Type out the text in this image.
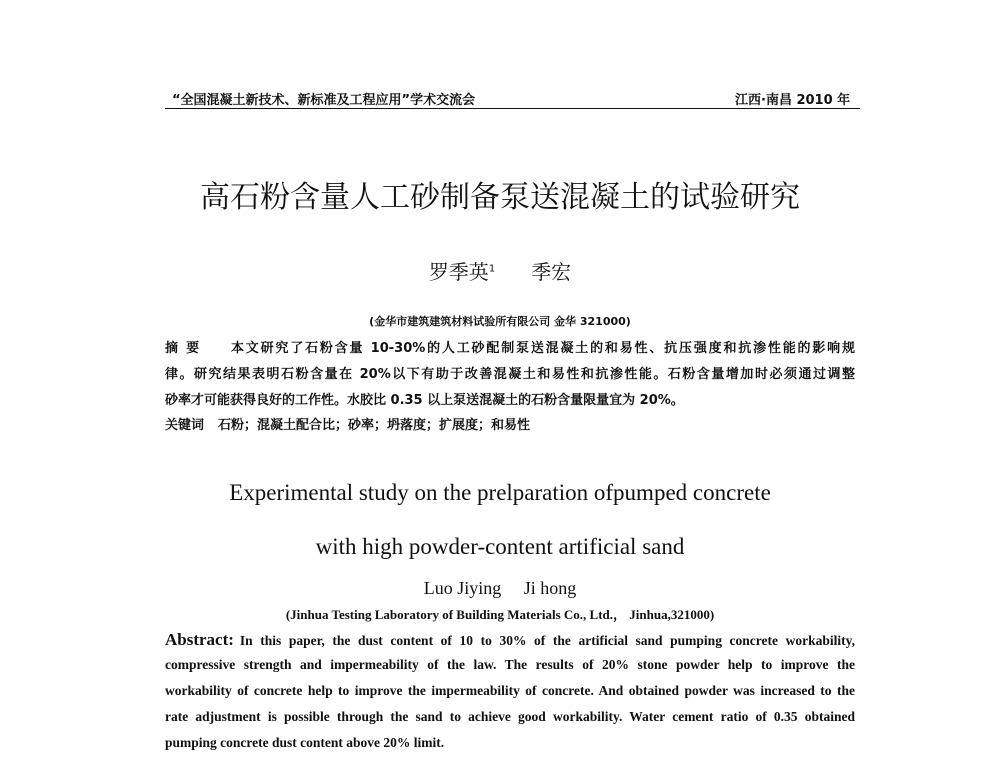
“全国混凝土新技术、新标准及工程应用”学术交流会	江西·南昌 2010 年
高石粉含量人工砂制备泵送混凝土的试验研究
罗季英$^1$ 季宏
(金华市建筑建筑材料试验所有限公司 金华 321000)
摘 要 本文研究了石粉含量 10-30%的人工砂配制泵送混凝土的和易性、抗压强度和抗渗性能的影响规
律。研究结果表明石粉含量在 20%以下有助于改善混凝土和易性和抗渗性能。石粉含量增加时必须通过调整
砂率才可能获得良好的工作性。水胶比 0.35 以上泵送混凝土的石粉含量限量宜为 20%。
关键词 石粉；混凝土配合比；砂率；坍落度；扩展度；和易性
Experimental study on the prelparation ofpumped concrete
with high powder-content artificial sand
Luo Jiying     Ji hong
(Jinhua Testing Laboratory of Building Materials Co., Ltd.， Jinhua,321000)
Abstract: In this paper, the dust content of 10 to 30% of the artificial sand pumping concrete workability,
compressive strength and impermeability of the law. The results of 20% stone powder help to improve the
workability of concrete help to improve the impermeability of concrete. And obtained powder was increased to the
rate adjustment is possible through the sand to achieve good workability. Water cement ratio of 0.35 obtained
pumping concrete dust content above 20% limit.
